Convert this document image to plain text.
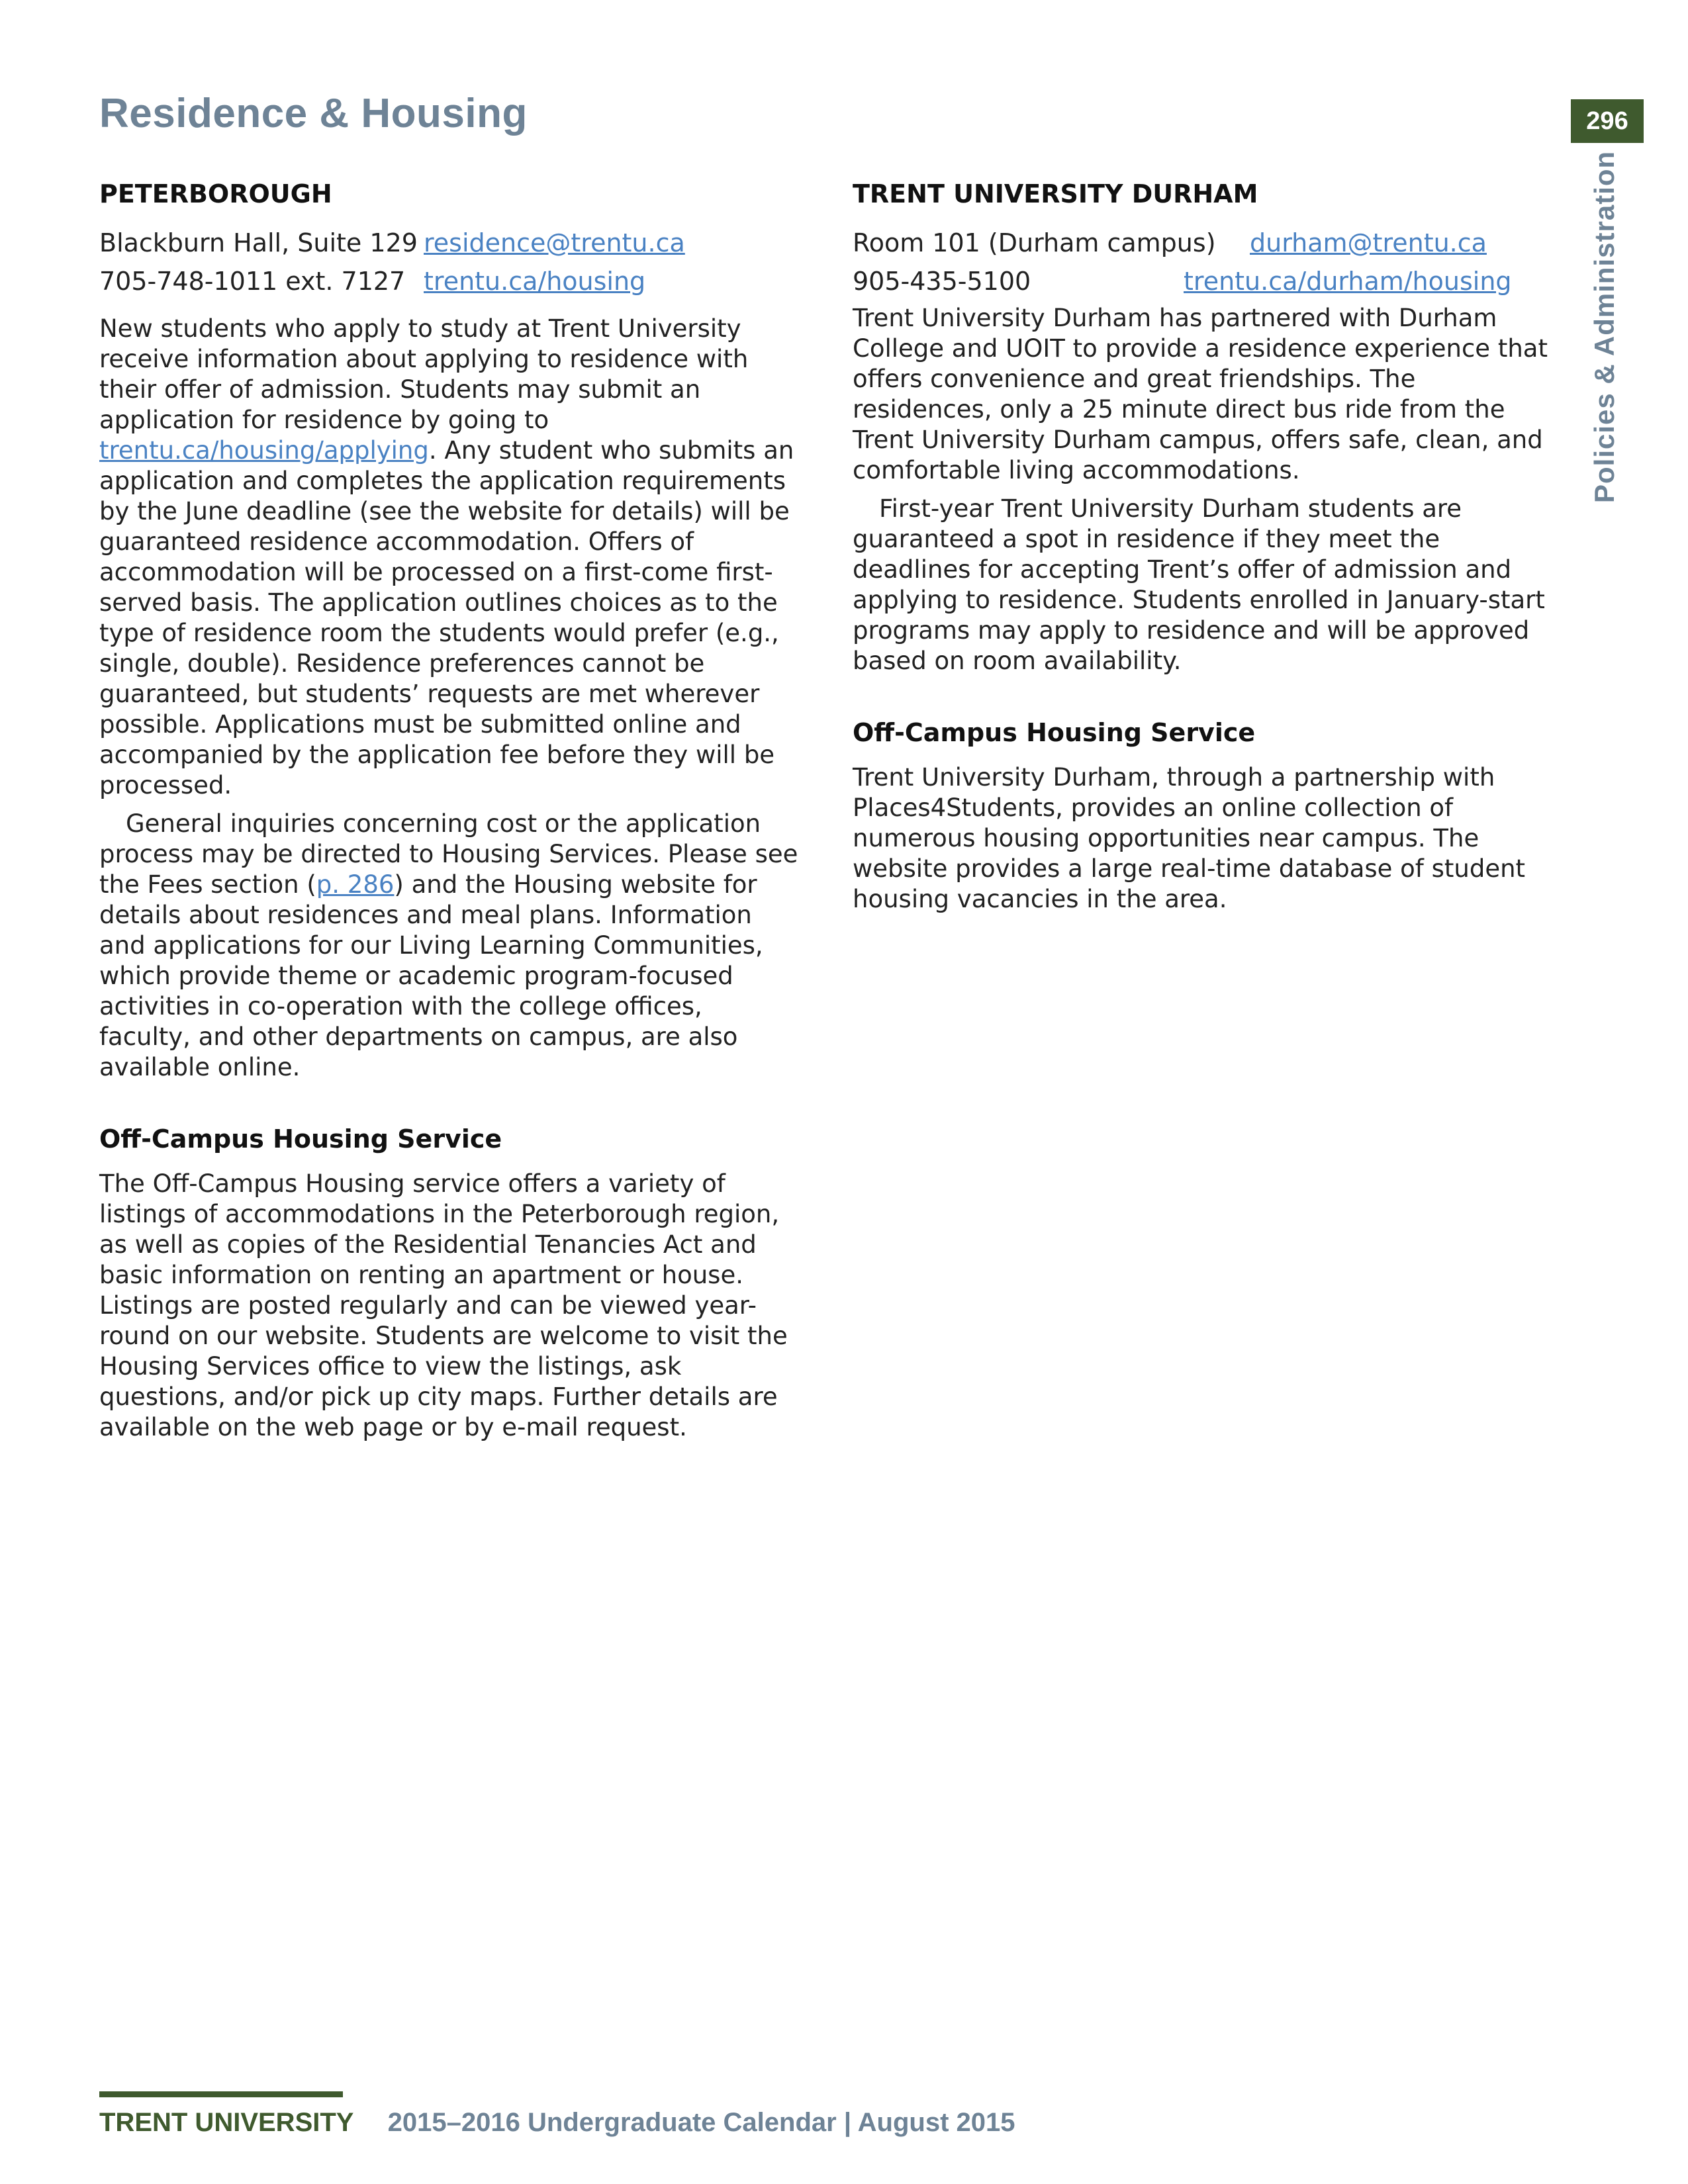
Residence & Housing	296
Policies & Administration
PETERBOROUGH
Blackburn Hall, Suite 129 residence@trentu.ca
705-748-1011 ext. 7127 trentu.ca/housing

New students who apply to study at Trent University receive information about applying to residence with their offer of admission. Students may submit an application for residence by going to trentu.ca/housing/applying. Any student who submits an application and completes the application requirements by the June deadline (see the website for details) will be guaranteed residence accommodation. Offers of accommodation will be processed on a first-come first-served basis. The application outlines choices as to the type of residence room the students would prefer (e.g., single, double). Residence preferences cannot be guaranteed, but students’ requests are met wherever possible. Applications must be submitted online and accompanied by the application fee before they will be processed.

General inquiries concerning cost or the application process may be directed to Housing Services. Please see the Fees section (p. 286) and the Housing website for details about residences and meal plans. Information and applications for our Living Learning Communities, which provide theme or academic program-focused activities in co-operation with the college offices, faculty, and other departments on campus, are also available online.

Off-Campus Housing Service

The Off-Campus Housing service offers a variety of listings of accommodations in the Peterborough region, as well as copies of the Residential Tenancies Act and basic information on renting an apartment or house. Listings are posted regularly and can be viewed year-round on our website. Students are welcome to visit the Housing Services office to view the listings, ask questions, and/or pick up city maps. Further details are available on the web page or by e-mail request.

TRENT UNIVERSITY DURHAM
Room 101 (Durham campus)	durham@trentu.ca
905-435-5100	trentu.ca/durham/housing

Trent University Durham has partnered with Durham College and UOIT to provide a residence experience that offers convenience and great friendships. The residences, only a 25 minute direct bus ride from the Trent University Durham campus, offers safe, clean, and comfortable living accommodations.

First-year Trent University Durham students are guaranteed a spot in residence if they meet the deadlines for accepting Trent’s offer of admission and applying to residence. Students enrolled in January-start programs may apply to residence and will be approved based on room availability.

Off-Campus Housing Service

Trent University Durham, through a partnership with Places4Students, provides an online collection of numerous housing opportunities near campus. The website provides a large real-time database of student housing vacancies in the area.

TRENT UNIVERSITY 2015–2016 Undergraduate Calendar | August 2015
